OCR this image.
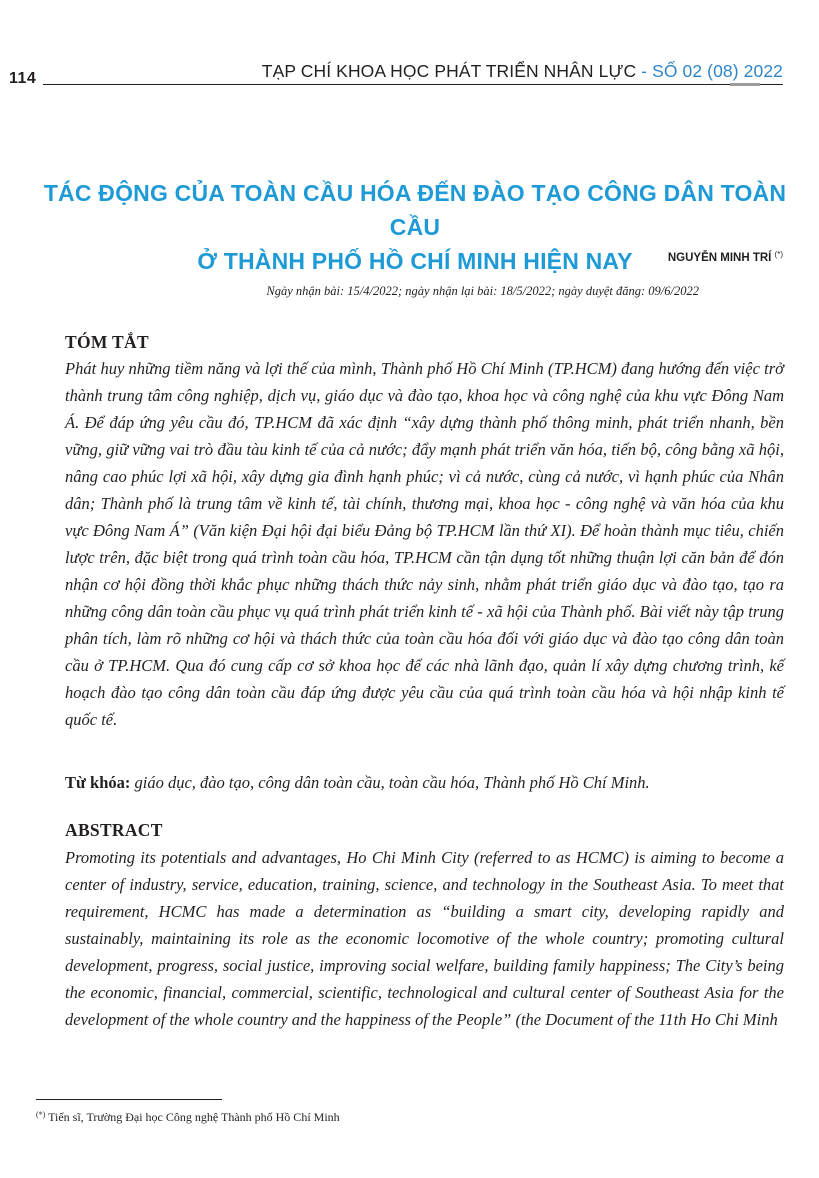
114	TẠP CHÍ KHOA HỌC PHÁT TRIỂN NHÂN LỰC - SỐ 02 (08) 2022
TÁC ĐỘNG CỦA TOÀN CẦU HÓA ĐẾN ĐÀO TẠO CÔNG DÂN TOÀN CẦU
Ở THÀNH PHỐ HỒ CHÍ MINH HIỆN NAY	NGUYỄN MINH TRÍ (*)
Ngày nhận bài: 15/4/2022; ngày nhận lại bài: 18/5/2022; ngày duyệt đăng: 09/6/2022
TÓM TẮT

Phát huy những tiềm năng và lợi thế của mình, Thành phố Hồ Chí Minh (TP.HCM) đang hướng đến việc trở thành trung tâm công nghiệp, dịch vụ, giáo dục và đào tạo, khoa học và công nghệ của khu vực Đông Nam Á. Để đáp ứng yêu cầu đó, TP.HCM đã xác định “xây dựng thành phố thông minh, phát triển nhanh, bền vững, giữ vững vai trò đầu tàu kinh tế của cả nước; đẩy mạnh phát triển văn hóa, tiến bộ, công bằng xã hội, nâng cao phúc lợi xã hội, xây dựng gia đình hạnh phúc; vì cả nước, cùng cả nước, vì hạnh phúc của Nhân dân; Thành phố là trung tâm về kinh tế, tài chính, thương mại, khoa học - công nghệ và văn hóa của khu vực Đông Nam Á” (Văn kiện Đại hội đại biểu Đảng bộ TP.HCM lần thứ XI). Để hoàn thành mục tiêu, chiến lược trên, đặc biệt trong quá trình toàn cầu hóa, TP.HCM cần tận dụng tốt những thuận lợi căn bản để đón nhận cơ hội đồng thời khắc phục những thách thức nảy sinh, nhằm phát triển giáo dục và đào tạo, tạo ra những công dân toàn cầu phục vụ quá trình phát triển kinh tế - xã hội của Thành phố. Bài viết này tập trung phân tích, làm rõ những cơ hội và thách thức của toàn cầu hóa đối với giáo dục và đào tạo công dân toàn cầu ở TP.HCM. Qua đó cung cấp cơ sở khoa học để các nhà lãnh đạo, quản lí xây dựng chương trình, kế hoạch đào tạo công dân toàn cầu đáp ứng được yêu cầu của quá trình toàn cầu hóa và hội nhập kinh tế quốc tế.

Từ khóa: giáo dục, đào tạo, công dân toàn cầu, toàn cầu hóa, Thành phố Hồ Chí Minh.
ABSTRACT

Promoting its potentials and advantages, Ho Chi Minh City (referred to as HCMC) is aiming to become a center of industry, service, education, training, science, and technology in the Southeast Asia. To meet that requirement, HCMC has made a determination as “building a smart city, developing rapidly and sustainably, maintaining its role as the economic locomotive of the whole country; promoting cultural development, progress, social justice, improving social welfare, building family happiness; The City’s being the economic, financial, commercial, scientific, technological and cultural center of Southeast Asia for the development of the whole country and the happiness of the People” (the Document of the 11th Ho Chi Minh

(*) Tiến sĩ, Trường Đại học Công nghệ Thành phố Hồ Chí Minh
